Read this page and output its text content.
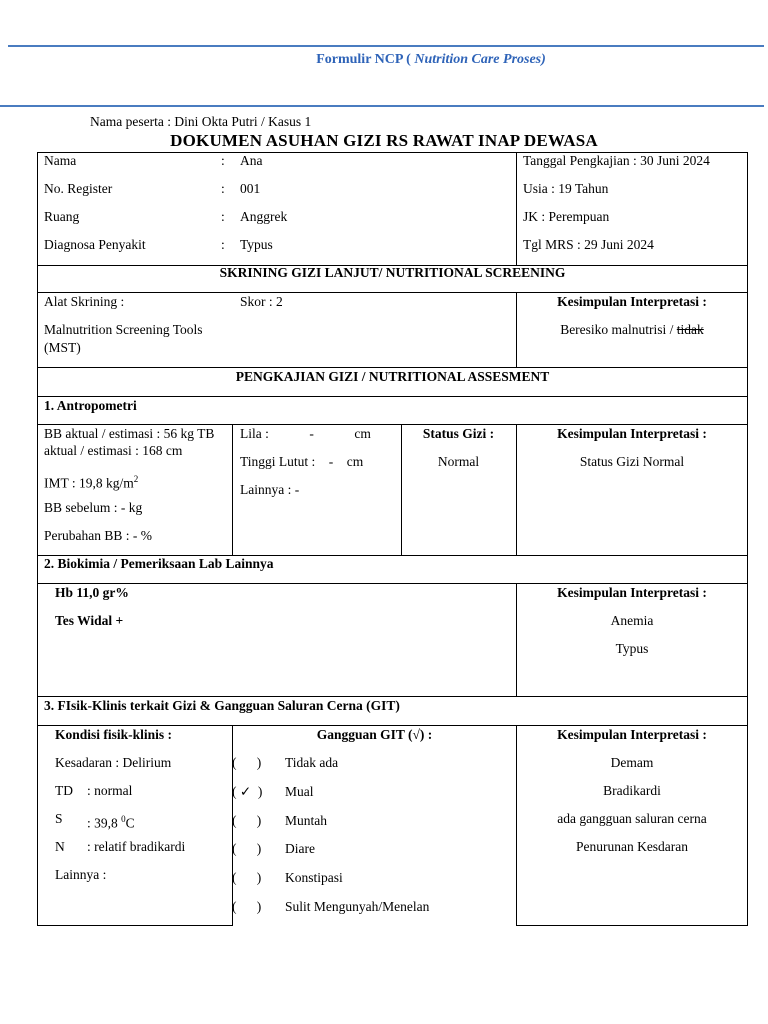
Formulir NCP ( Nutrition Care Proses)
Nama peserta : Dini Okta Putri / Kasus 1
DOKUMEN ASUHAN GIZI RS RAWAT INAP DEWASA
Nama	: Ana
No. Register	: 001
Ruang	: Anggrek
Diagnosa Penyakit	: Typus
Tanggal Pengkajian : 30 Juni 2024
Usia : 19 Tahun
JK : Perempuan
Tgl MRS : 29 Juni 2024
SKRINING GIZI LANJUT/ NUTRITIONAL SCREENING
Alat Skrining :	Skor : 2
Malnutrition Screening Tools
(MST)
Kesimpulan Interpretasi :
Beresiko malnutrisi / tidak
PENGKAJIAN GIZI / NUTRITIONAL ASSESMENT
1. Antropometri
BB aktual / estimasi : 56 kg TB
aktual / estimasi : 168 cm
IMT : 19,8 $kg/m^2$
BB sebelum : - kg
Perubahan BB : - %
Lila :            -            cm
Tinggi Lutut :    -    cm
Lainnya : -
Status Gizi :
Normal
Kesimpulan Interpretasi :
Status Gizi Normal
2. Biokimia / Pemeriksaan Lab Lainnya
Hb 11,0 gr%
Tes Widal +
Kesimpulan Interpretasi :
Anemia
Typus
3. FIsik-Klinis terkait Gizi & Gangguan Saluran Cerna (GIT)
Kondisi fisik-klinis :
Kesadaran : Delirium
TD : normal
S : 39,8 $^0$C
N : relatif bradikardi
Lainnya :
Gangguan GIT (√) :
(      ) Tidak ada
( ✓  ) Mual
(      ) Muntah
(      ) Diare
(      ) Konstipasi
(      ) Sulit Mengunyah/Menelan
Kesimpulan Interpretasi :
Demam
Bradikardi
ada gangguan saluran cerna
Penurunan Kesdaran
